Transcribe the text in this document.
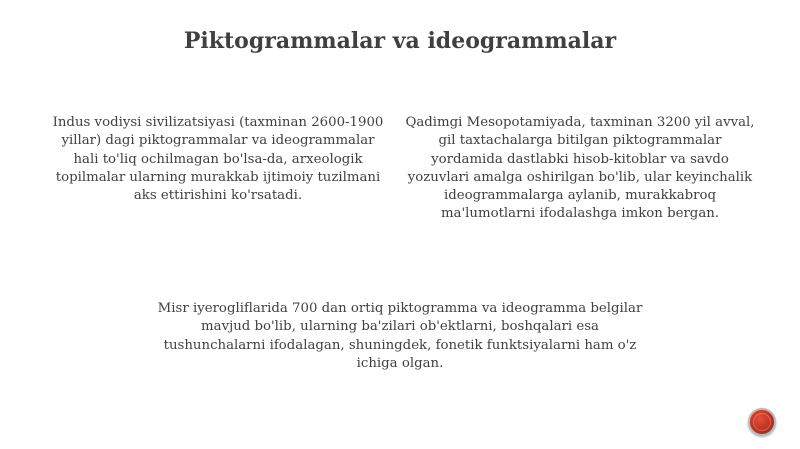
Piktogrammalar va ideogrammalar

Indus vodiysi sivilizatsiyasi (taxminan 2600-1900 yillar) dagi piktogrammalar va ideogrammalar hali to'liq ochilmagan bo'lsa-da, arxeologik topilmalar ularning murakkab ijtimoiy tuzilmani aks ettirishini ko'rsatadi.

Qadimgi Mesopotamiyada, taxminan 3200 yil avval, gil taxtachalarga bitilgan piktogrammalar yordamida dastlabki hisob-kitoblar va savdo yozuvlari amalga oshirilgan bo'lib, ular keyinchalik ideogrammalarga aylanib, murakkabroq ma'lumotlarni ifodalashga imkon bergan.

Misr iyerogliflarida 700 dan ortiq piktogramma va ideogramma belgilar mavjud bo'lib, ularning ba'zilari ob'ektlarni, boshqalari esa tushunchalarni ifodalagan, shuningdek, fonetik funktsiyalarni ham o'z ichiga olgan.
